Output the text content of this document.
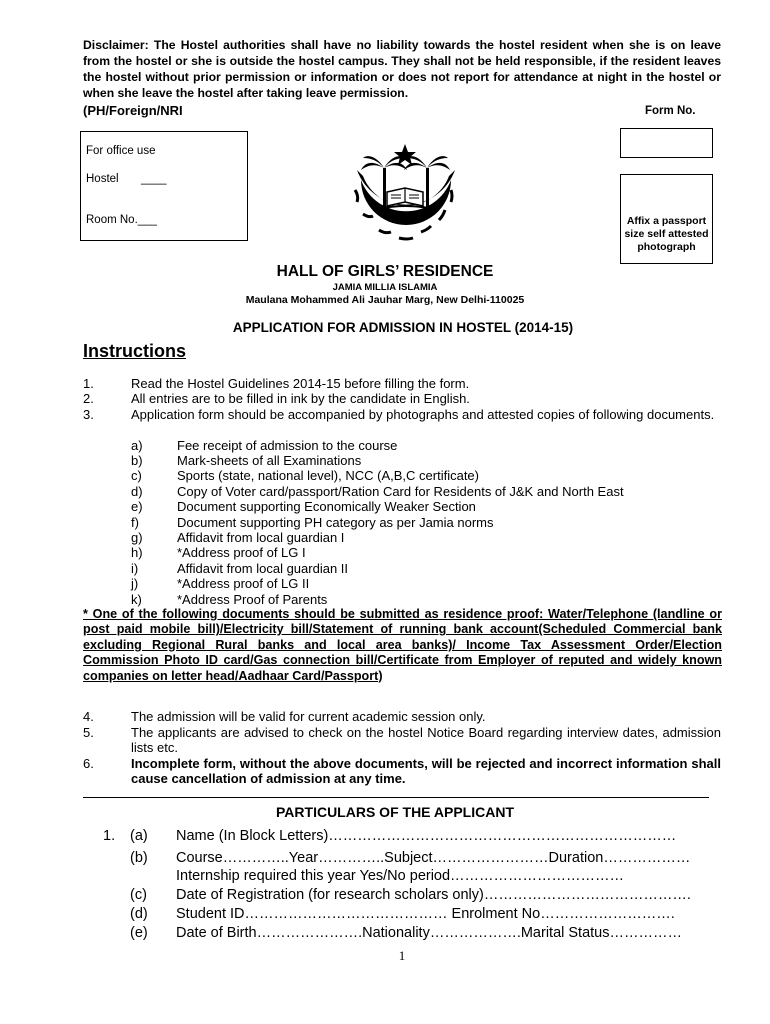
Disclaimer: The Hostel authorities shall have no liability towards the hostel resident when she is on leave from the hostel or she is outside the hostel campus. They shall not be held responsible, if the resident leaves the hostel without prior permission or information or does not report for attendance at night in the hostel or when she leave the hostel after taking leave permission.
(PH/Foreign/NRI	Form No.
For office use
Hostel ____
Room No.___	Affix a passport
size self attested
photograph
HALL OF GIRLS’ RESIDENCE
JAMIA MILLIA ISLAMIA
Maulana Mohammed Ali Jauhar Marg, New Delhi-110025
APPLICATION FOR ADMISSION IN HOSTEL (2014-15)
Instructions
1.	Read the Hostel Guidelines 2014-15 before filling the form.
2.	All entries are to be filled in ink by the candidate in English.
3.	Application form should be accompanied by photographs and attested copies of following documents.
a)	Fee receipt of admission to the course
b)	Mark-sheets of all Examinations
c)	Sports (state, national level), NCC (A,B,C certificate)
d)	Copy of Voter card/passport/Ration Card for Residents of J&K and North East
e)	Document supporting Economically Weaker Section
f)	Document supporting PH category as per Jamia norms
g)	Affidavit from local guardian I
h)	*Address proof of LG I
i)	Affidavit from local guardian II
j)	*Address proof of LG II
k)	*Address Proof of Parents
* One of the following documents should be submitted as residence proof: Water/Telephone (landline or post paid mobile bill)/Electricity bill/Statement of running bank account(Scheduled Commercial bank excluding Regional Rural banks and local area banks)/ Income Tax Assessment Order/Election Commission Photo ID card/Gas connection bill/Certificate from Employer of reputed and widely known companies on letter head/Aadhaar Card/Passport)
4.	The admission will be valid for current academic session only.
5.	The applicants are advised to check on the hostel Notice Board regarding interview dates, admission lists etc.
6.	Incomplete form, without the above documents, will be rejected and incorrect information shall cause cancellation of admission at any time.
PARTICULARS OF THE APPLICANT
1. (a) Name (In Block Letters)………………………………………………………………
(b) Course…………..Year…………..Subject……………………Duration………………
Internship required this year Yes/No period………………………………
(c) Date of Registration (for research scholars only)…………………………………….
(d) Student ID…………………………………… Enrolment No……………………….
(e) Date of Birth………………….Nationality……………….Marital Status……………
1
